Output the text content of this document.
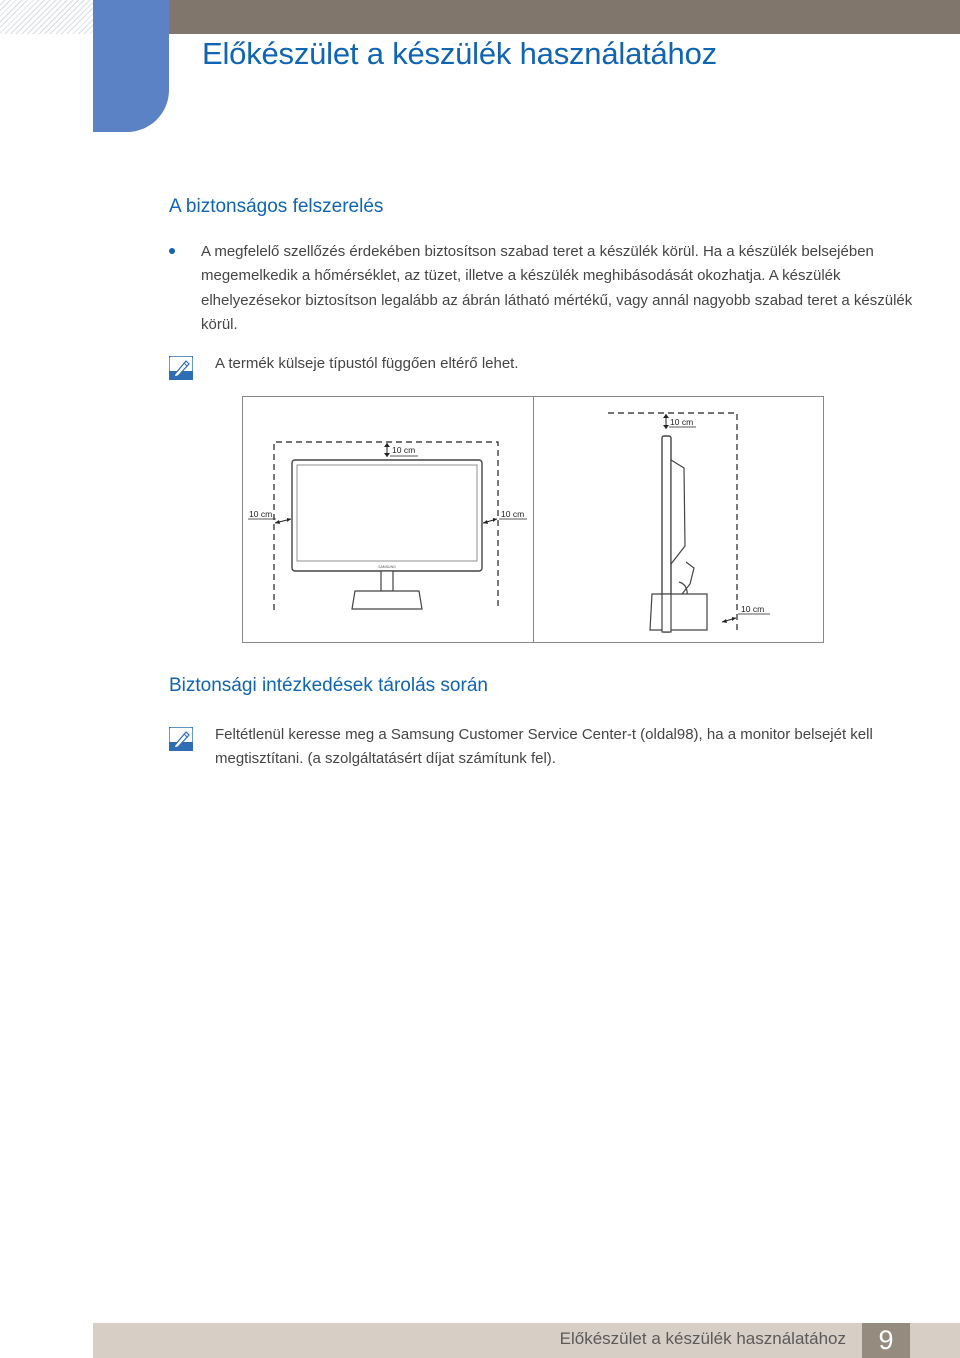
Előkészület a készülék használatához
A biztonságos felszerelés
A megfelelő szellőzés érdekében biztosítson szabad teret a készülék körül. Ha a készülék belsejében megemelkedik a hőmérséklet, az tüzet, illetve a készülék meghibásodását okozhatja. A készülék elhelyezésekor biztosítson legalább az ábrán látható mértékű, vagy annál nagyobb szabad teret a készülék körül.
A termék külseje típustól függően eltérő lehet.
SAMSUNG
10 cm
10 cm	10 cm
10 cm
10 cm
Biztonsági intézkedések tárolás során
Feltétlenül keresse meg a Samsung Customer Service Center-t (oldal98), ha a monitor belsejét kell megtisztítani. (a szolgáltatásért díjat számítunk fel).
Előkészület a készülék használatához	9
